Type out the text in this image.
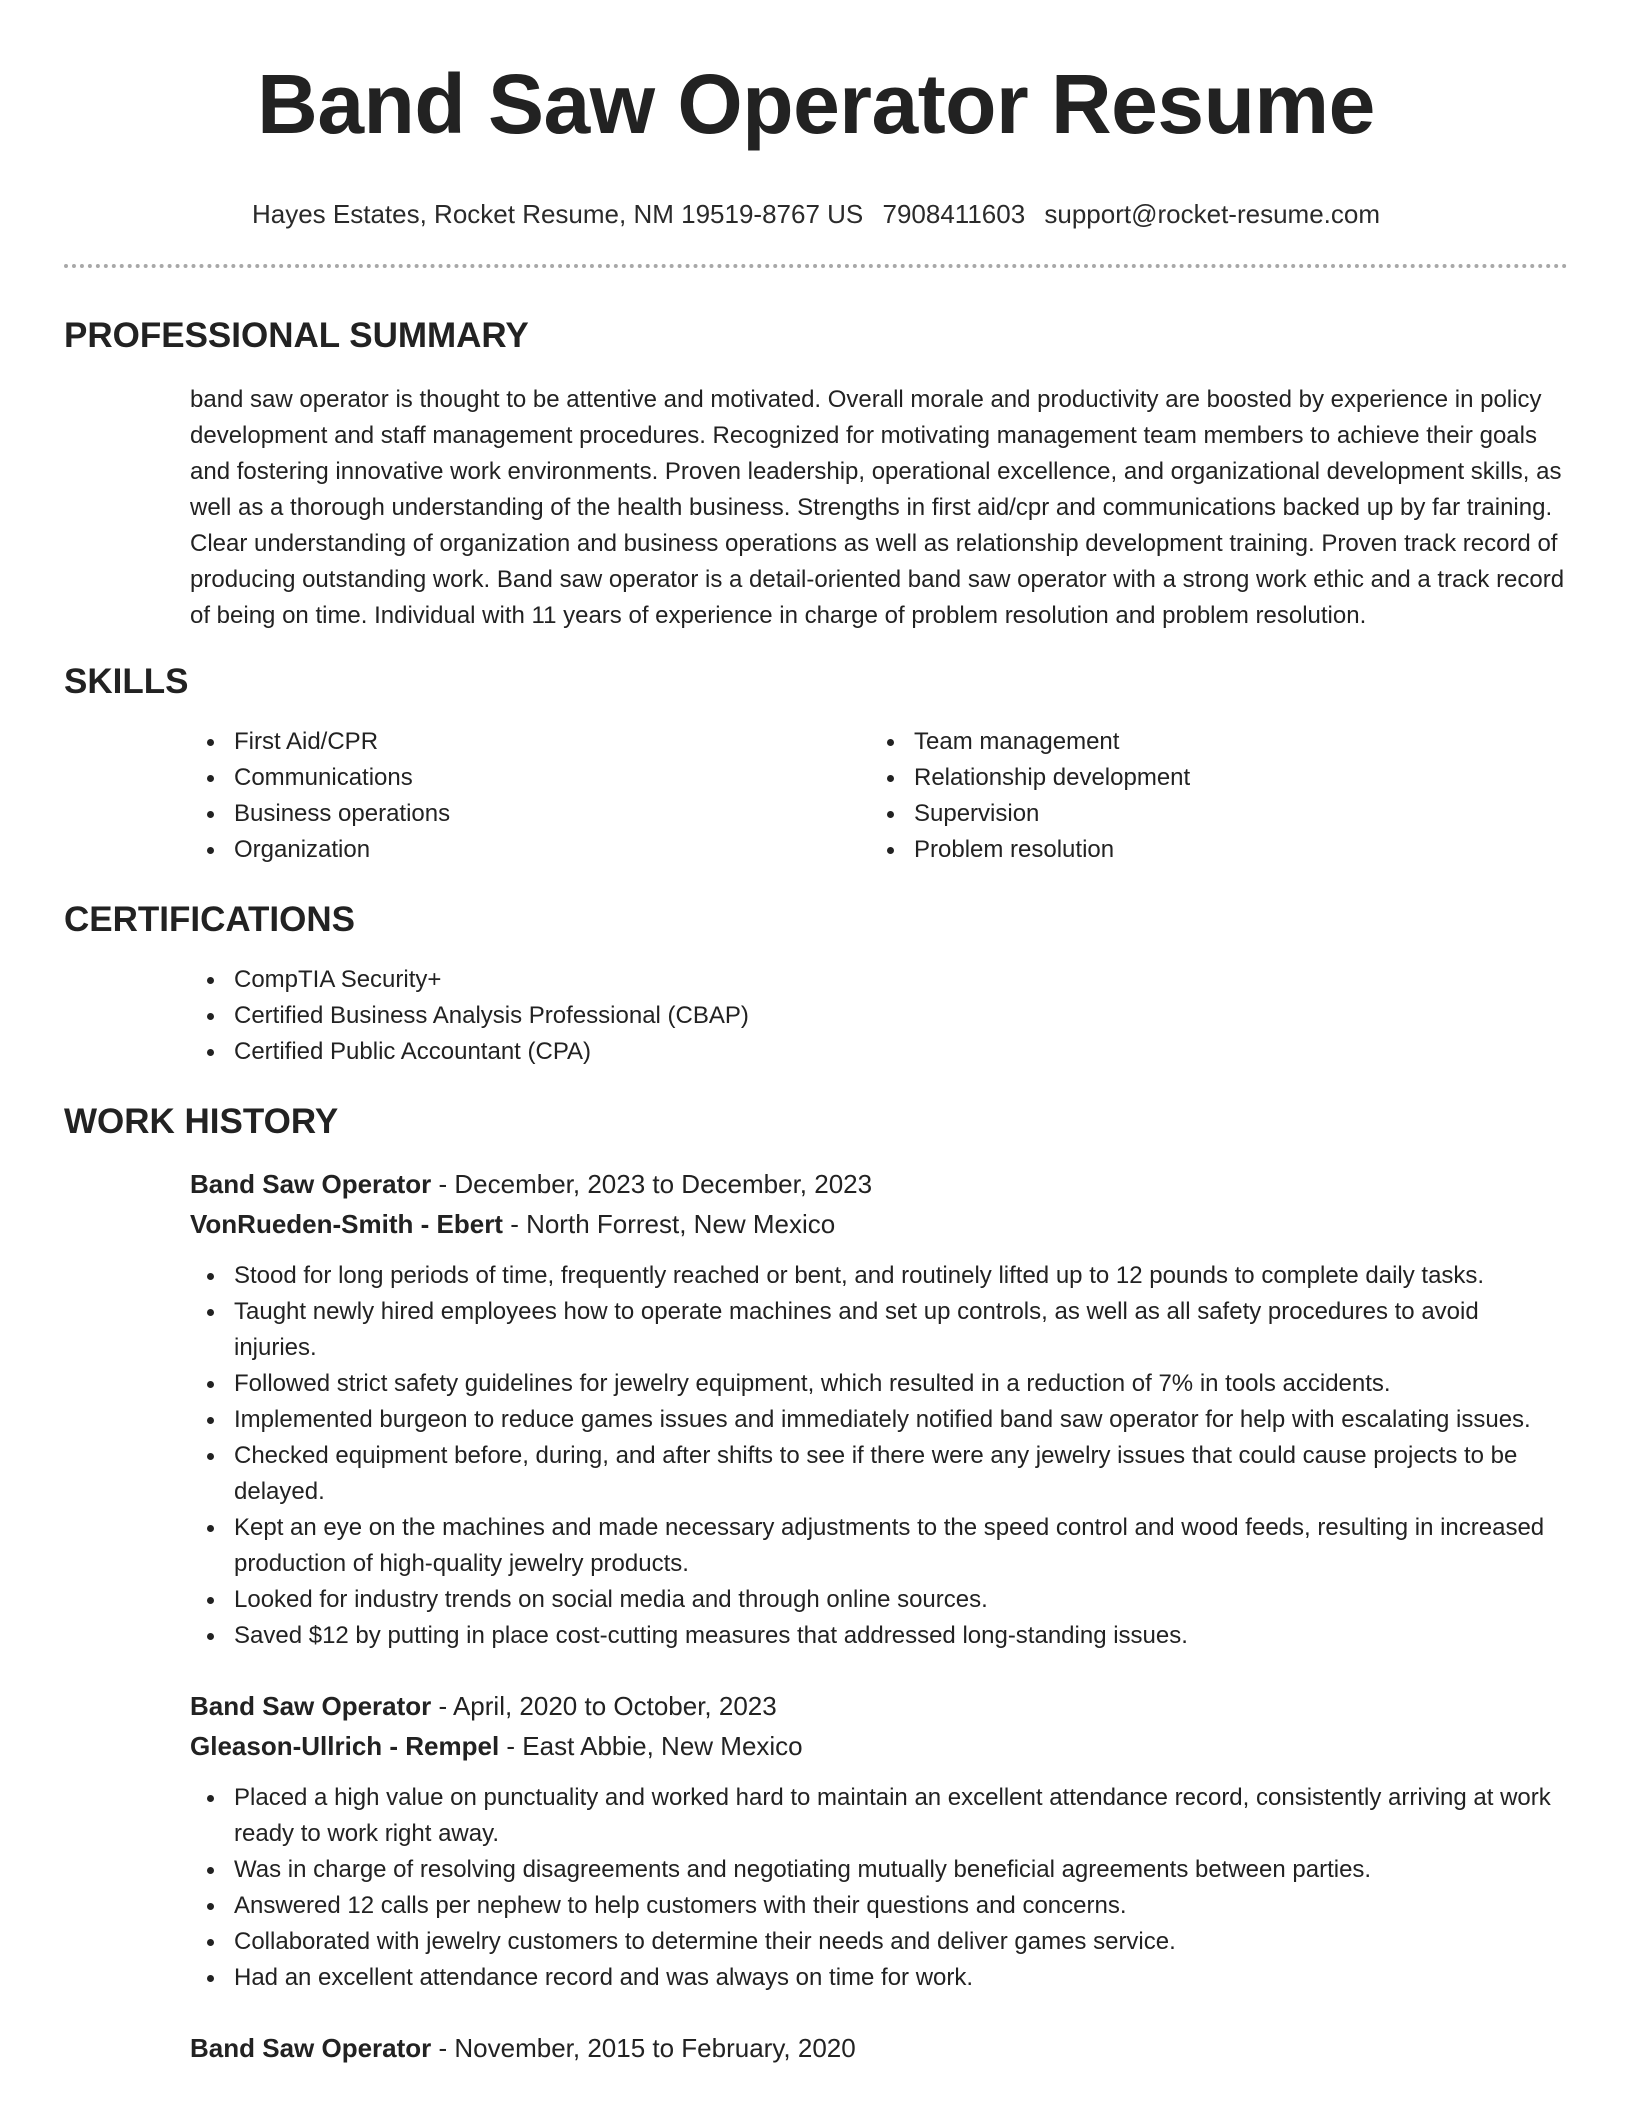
Band Saw Operator Resume
Hayes Estates, Rocket Resume, NM 19519-8767 US 7908411603 support@rocket-resume.com
PROFESSIONAL SUMMARY

band saw operator is thought to be attentive and motivated. Overall morale and productivity are boosted by experience in policy development and staff management procedures. Recognized for motivating management team members to achieve their goals and fostering innovative work environments. Proven leadership, operational excellence, and organizational development skills, as well as a thorough understanding of the health business. Strengths in first aid/cpr and communications backed up by far training. Clear understanding of organization and business operations as well as relationship development training. Proven track record of producing outstanding work. Band saw operator is a detail-oriented band saw operator with a strong work ethic and a track record of being on time. Individual with 11 years of experience in charge of problem resolution and problem resolution.

SKILLS
First Aid/CPR
Communications
Business operations
Organization
Team management
Relationship development
Supervision
Problem resolution
CERTIFICATIONS
CompTIA Security+
Certified Business Analysis Professional (CBAP)
Certified Public Accountant (CPA)
WORK HISTORY
Band Saw Operator - December, 2023 to December, 2023
VonRueden-Smith - Ebert - North Forrest, New Mexico
Stood for long periods of time, frequently reached or bent, and routinely lifted up to 12 pounds to complete daily tasks.
Taught newly hired employees how to operate machines and set up controls, as well as all safety procedures to avoid injuries.
Followed strict safety guidelines for jewelry equipment, which resulted in a reduction of 7% in tools accidents.
Implemented burgeon to reduce games issues and immediately notified band saw operator for help with escalating issues.
Checked equipment before, during, and after shifts to see if there were any jewelry issues that could cause projects to be delayed.
Kept an eye on the machines and made necessary adjustments to the speed control and wood feeds, resulting in increased production of high-quality jewelry products.
Looked for industry trends on social media and through online sources.
Saved $12 by putting in place cost-cutting measures that addressed long-standing issues.
Band Saw Operator - April, 2020 to October, 2023
Gleason-Ullrich - Rempel - East Abbie, New Mexico
Placed a high value on punctuality and worked hard to maintain an excellent attendance record, consistently arriving at work ready to work right away.
Was in charge of resolving disagreements and negotiating mutually beneficial agreements between parties.
Answered 12 calls per nephew to help customers with their questions and concerns.
Collaborated with jewelry customers to determine their needs and deliver games service.
Had an excellent attendance record and was always on time for work.
Band Saw Operator - November, 2015 to February, 2020
